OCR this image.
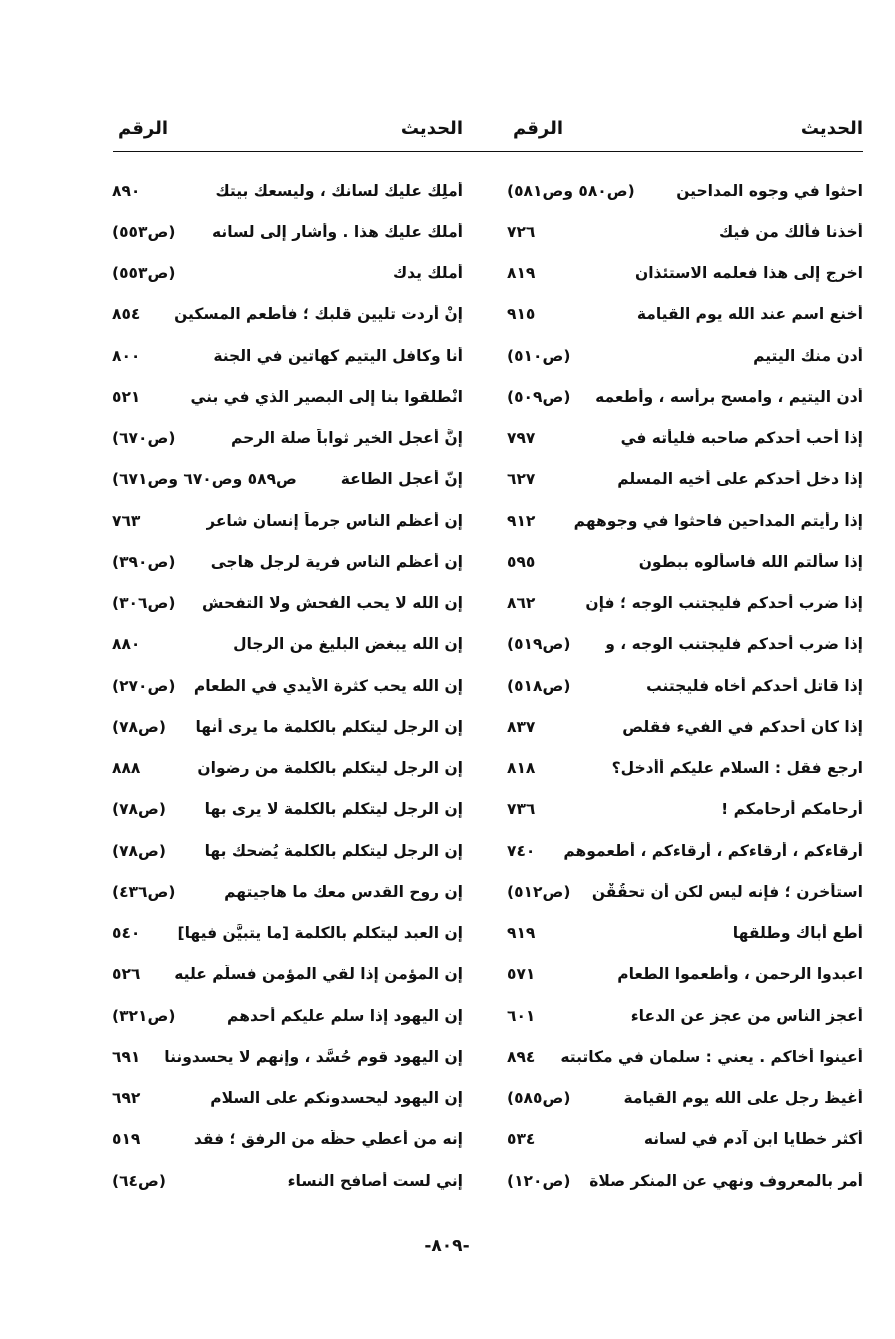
الحديث
الرقم
احثوا في وجوه المداحين
(ص٥٨٠ وص٥٨١)
أخذنا فألك من فيك
٧٢٦
اخرج إلى هذا فعلمه الاستئذان
٨١٩
أخنع اسم عند الله يوم القيامة
٩١٥
أدن منك اليتيم
(ص٥١٠)
أدن اليتيم ، وامسح برأسه ، وأطعمه
(ص٥٠٩)
إذا أحب أحدكم صاحبه فليأته في
٧٩٧
إذا دخل أحدكم على أخيه المسلم
٦٢٧
إذا رأيتم المداحين فاحثوا في وجوههم
٩١٢
إذا سألتم الله فاسألوه ببطون
٥٩٥
إذا ضرب أحدكم فليجتنب الوجه ؛ فإن
٨٦٢
إذا ضرب أحدكم فليجتنب الوجه ، و
(ص٥١٩)
إذا قاتل أحدكم أخاه فليجتنب
(ص٥١٨)
إذا كان أحدكم في الفيء فقلص
٨٣٧
ارجع فقل : السلام عليكم أأدخل؟
٨١٨
أرحامكم أرحامكم !
٧٣٦
أرقاءكم ، أرقاءكم ، أرقاءكم ، أطعموهم
٧٤٠
استأخرن ؛ فإنه ليس لكن أن تحقُقْن
(ص٥١٢)
أطع أباك وطلقها
٩١٩
اعبدوا الرحمن ، وأطعموا الطعام
٥٧١
أعجز الناس من عجز عن الدعاء
٦٠١
أعينوا أخاكم . يعني : سلمان في مكاتبته
٨٩٤
أغيظ رجل على الله يوم القيامة
(ص٥٨٥)
أكثر خطايا ابن آدم في لسانه
٥٣٤
أمر بالمعروف ونهي عن المنكر صلاة
(ص١٢٠)
الحديث
الرقم
أملِك عليك لسانك ، وليسعك بيتك
٨٩٠
أملك عليك هذا . وأشار إلى لسانه
(ص٥٥٣)
أملك يدك
(ص٥٥٣)
إنْ أردت تليين قلبك ؛ فأطعم المسكين
٨٥٤
أنا وكافل اليتيم كهاتين في الجنة
٨٠٠
انْطلقوا بنا إلى البصير الذي في بني
٥٢١
إنَّ أعجل الخير ثواباً صلة الرحم
(ص٦٧٠)
إنّ أعجل الطاعة
ص٥٨٩ وص٦٧٠ وص٦٧١)
إن أعظم الناس جرماً إنسان شاعر
٧٦٣
إن أعظم الناس فرية لرجل هاجى
(ص٣٩٠)
إن الله لا يحب الفحش ولا التفحش
(ص٣٠٦)
إن الله يبغض البليغ من الرجال
٨٨٠
إن الله يحب كثرة الأيدي في الطعام
(ص٢٧٠)
إن الرجل ليتكلم بالكلمة ما يرى أنها
(ص٧٨)
إن الرجل ليتكلم بالكلمة من رضوان
٨٨٨
إن الرجل ليتكلم بالكلمة لا يرى بها
(ص٧٨)
إن الرجل ليتكلم بالكلمة يُضحك بها
(ص٧٨)
إن روح القدس معك ما هاجيتهم
(ص٤٣٦)
إن العبد ليتكلم بالكلمة [ما يتبيَّن فيها]
٥٤٠
إن المؤمن إذا لقي المؤمن فسلَّم عليه
٥٢٦
إن اليهود إذا سلم عليكم أحدهم
(ص٣٢١)
إن اليهود قوم حُسَّد ، وإنهم لا يحسدوننا
٦٩١
إن اليهود ليحسدونكم على السلام
٦٩٢
إنه من أُعطي حظَّه من الرفق ؛ فقد
٥١٩
إني لست أصافح النساء
(ص٦٤)
-٨٠٩-
